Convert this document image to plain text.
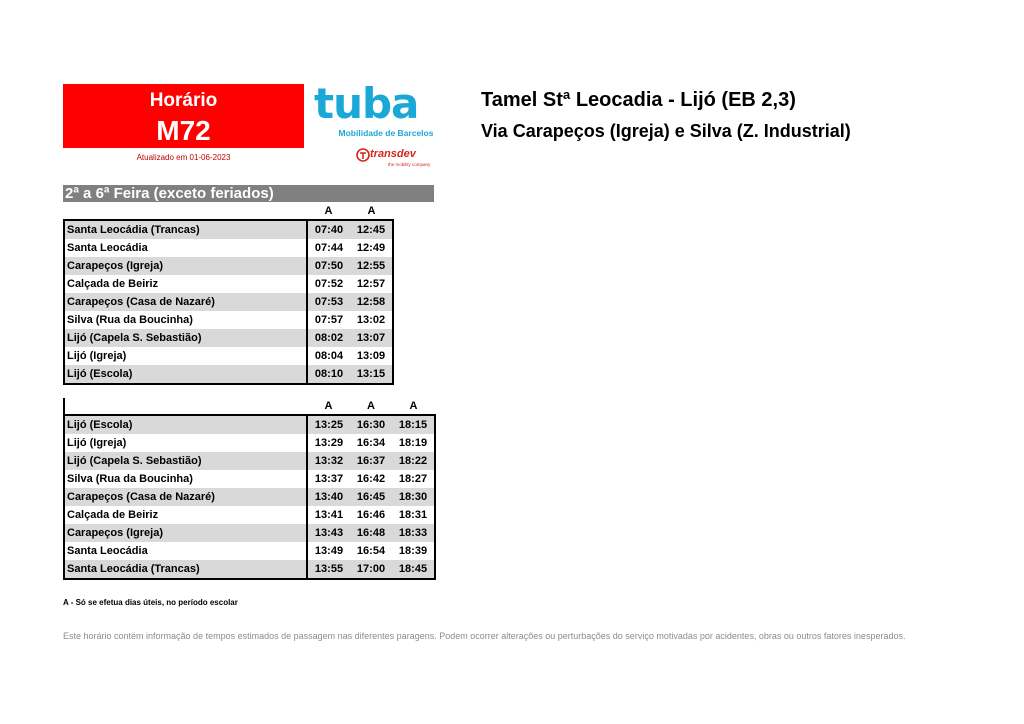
Horário
M72
Atualizado em 01-06-2023
tuba
Mobilidade de Barcelos
transdev
the mobility company
Tamel Stª Leocadia - Lijó (EB 2,3)
Via Carapeços (Igreja) e Silva (Z. Industrial)
2ª a 6ª Feira (exceto feriados)
	A	A
Santa Leocádia (Trancas)	07:40	12:45
Santa Leocádia	07:44	12:49
Carapeços (Igreja)	07:50	12:55
Calçada de Beiriz	07:52	12:57
Carapeços (Casa de Nazaré)	07:53	12:58
Silva (Rua da Boucinha)	07:57	13:02
Lijó (Capela S. Sebastião)	08:02	13:07
Lijó (Igreja)	08:04	13:09
Lijó (Escola)	08:10	13:15
	A	A	A
Lijó (Escola)	13:25	16:30	18:15
Lijó (Igreja)	13:29	16:34	18:19
Lijó (Capela S. Sebastião)	13:32	16:37	18:22
Silva (Rua da Boucinha)	13:37	16:42	18:27
Carapeços (Casa de Nazaré)	13:40	16:45	18:30
Calçada de Beiriz	13:41	16:46	18:31
Carapeços (Igreja)	13:43	16:48	18:33
Santa Leocádia	13:49	16:54	18:39
Santa Leocádia (Trancas)	13:55	17:00	18:45
A - Só se efetua dias úteis, no período escolar
Este horário contém informação de tempos estimados de passagem nas diferentes paragens. Podem ocorrer alterações ou perturbações do serviço motivadas por acidentes, obras ou outros fatores inesperados.
